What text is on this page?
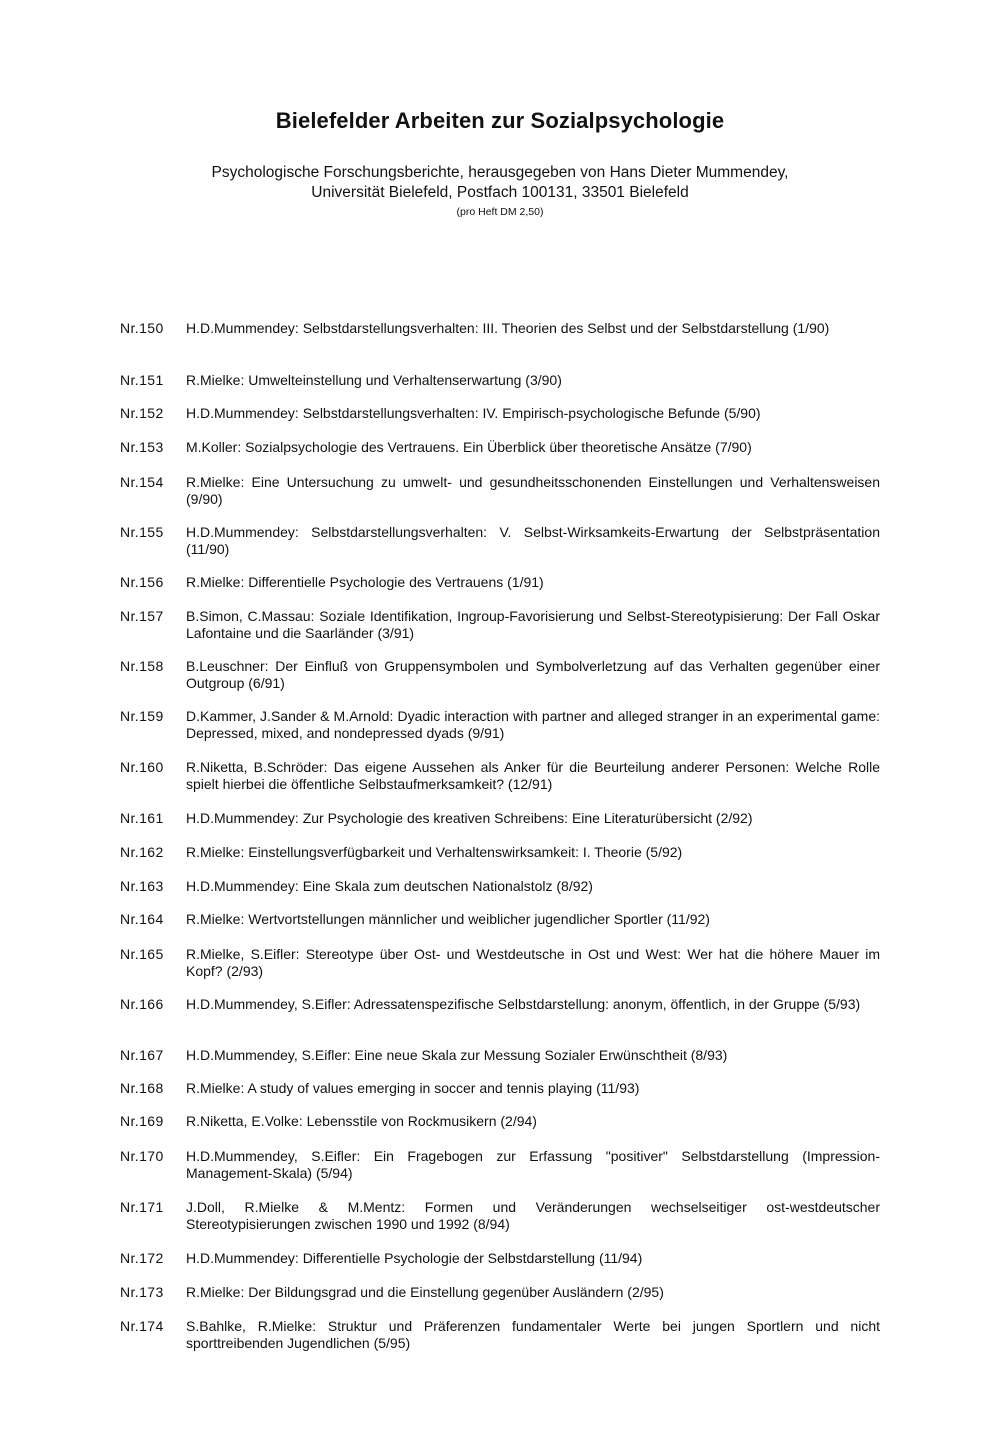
Bielefelder Arbeiten zur Sozialpsychologie
Psychologische Forschungsberichte, herausgegeben von Hans Dieter Mummendey,
Universität Bielefeld, Postfach 100131, 33501 Bielefeld
(pro Heft DM 2,50)
Nr.150	H.D.Mummendey: Selbstdarstellungsverhalten: III. Theorien des Selbst und der Selbstdarstellung (1/90)
Nr.151	R.Mielke: Umwelteinstellung und Verhaltenserwartung (3/90)
Nr.152	H.D.Mummendey: Selbstdarstellungsverhalten: IV. Empirisch-psychologische Befunde (5/90)
Nr.153	M.Koller: Sozialpsychologie des Vertrauens. Ein Überblick über theoretische Ansätze (7/90)
Nr.154	R.Mielke: Eine Untersuchung zu umwelt- und gesundheitsschonenden Einstellungen und Verhaltensweisen (9/90)
Nr.155	H.D.Mummendey: Selbstdarstellungsverhalten: V. Selbst-Wirksamkeits-Erwartung der Selbstpräsentation (11/90)
Nr.156	R.Mielke: Differentielle Psychologie des Vertrauens (1/91)
Nr.157	B.Simon, C.Massau: Soziale Identifikation, Ingroup-Favorisierung und Selbst-Stereotypisierung: Der Fall Oskar Lafontaine und die Saarländer (3/91)
Nr.158	B.Leuschner: Der Einfluß von Gruppensymbolen und Symbolverletzung auf das Verhalten gegenüber einer Outgroup (6/91)
Nr.159	D.Kammer, J.Sander & M.Arnold: Dyadic interaction with partner and alleged stranger in an experimental game: Depressed, mixed, and nondepressed dyads (9/91)
Nr.160	R.Niketta, B.Schröder: Das eigene Aussehen als Anker für die Beurteilung anderer Personen: Welche Rolle spielt hierbei die öffentliche Selbstaufmerksamkeit? (12/91)
Nr.161	H.D.Mummendey: Zur Psychologie des kreativen Schreibens: Eine Literaturübersicht (2/92)
Nr.162	R.Mielke: Einstellungsverfügbarkeit und Verhaltenswirksamkeit: I. Theorie (5/92)
Nr.163	H.D.Mummendey: Eine Skala zum deutschen Nationalstolz (8/92)
Nr.164	R.Mielke: Wertvortstellungen männlicher und weiblicher jugendlicher Sportler (11/92)
Nr.165	R.Mielke, S.Eifler: Stereotype über Ost- und Westdeutsche in Ost und West: Wer hat die höhere Mauer im Kopf? (2/93)
Nr.166	H.D.Mummendey, S.Eifler: Adressatenspezifische Selbstdarstellung: anonym, öffentlich, in der Gruppe (5/93)
Nr.167	H.D.Mummendey, S.Eifler: Eine neue Skala zur Messung Sozialer Erwünschtheit (8/93)
Nr.168	R.Mielke: A study of values emerging in soccer and tennis playing (11/93)
Nr.169	R.Niketta, E.Volke: Lebensstile von Rockmusikern (2/94)
Nr.170	H.D.Mummendey, S.Eifler: Ein Fragebogen zur Erfassung "positiver" Selbstdarstellung (Impression-Management-Skala) (5/94)
Nr.171	J.Doll, R.Mielke & M.Mentz: Formen und Veränderungen wechselseitiger ost-westdeutscher Stereotypisierungen zwischen 1990 und 1992 (8/94)
Nr.172	H.D.Mummendey: Differentielle Psychologie der Selbstdarstellung (11/94)
Nr.173	R.Mielke: Der Bildungsgrad und die Einstellung gegenüber Ausländern (2/95)
Nr.174	S.Bahlke, R.Mielke: Struktur und Präferenzen fundamentaler Werte bei jungen Sportlern und nicht sporttreibenden Jugendlichen (5/95)
